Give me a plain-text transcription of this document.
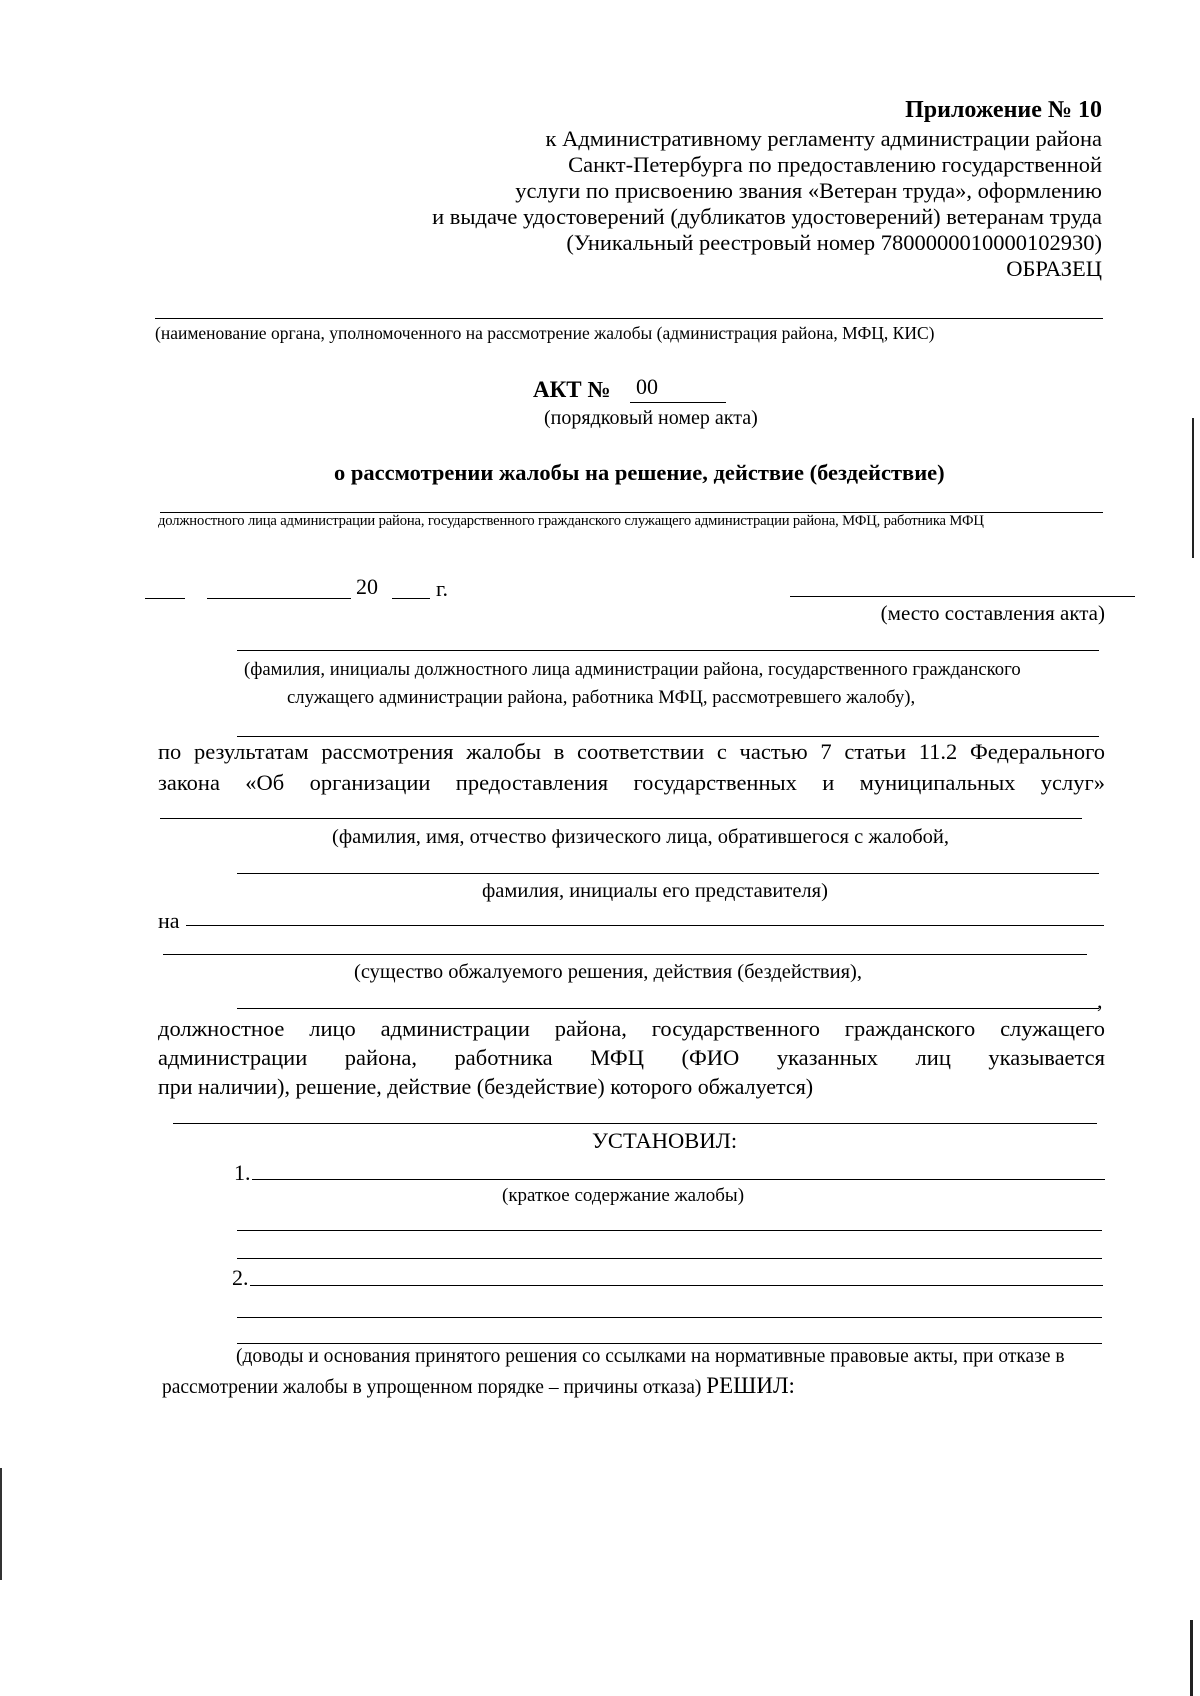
Приложение № 10
к Административному регламенту администрации района
Санкт-Петербурга по предоставлению государственной
услуги по присвоению звания «Ветеран труда», оформлению
и выдаче удостоверений (дубликатов удостоверений) ветеранам труда
(Уникальный реестровый номер 7800000010000102930)
ОБРАЗЕЦ
(наименование органа, уполномоченного на рассмотрение жалобы (администрация района, МФЦ, КИС)
АКТ № 00
(порядковый номер акта)
о рассмотрении жалобы на решение, действие (бездействие)
должностного лица администрации района, государственного гражданского служащего администрации района, МФЦ, работника МФЦ
20	г.
(место составления акта)
(фамилия, инициалы должностного лица администрации района, государственного гражданского
служащего администрации района, работника МФЦ, рассмотревшего жалобу),
по результатам рассмотрения жалобы в соответствии с частью 7 статьи 11.2 Федерального
закона «Об организации предоставления государственных и муниципальных услуг»
(фамилия, имя, отчество физического лица, обратившегося с жалобой,
фамилия, инициалы его представителя)
на
(существо обжалуемого решения, действия (бездействия),
,
должностное лицо администрации района, государственного гражданского служащего
администрации района, работника МФЦ (ФИО указанных лиц указывается
при наличии), решение, действие (бездействие) которого обжалуется)
УСТАНОВИЛ:
1.
(краткое содержание жалобы)
2.
(доводы и основания принятого решения со ссылками на нормативные правовые акты, при отказе в
рассмотрении жалобы в упрощенном порядке – причины отказа) РЕШИЛ:
